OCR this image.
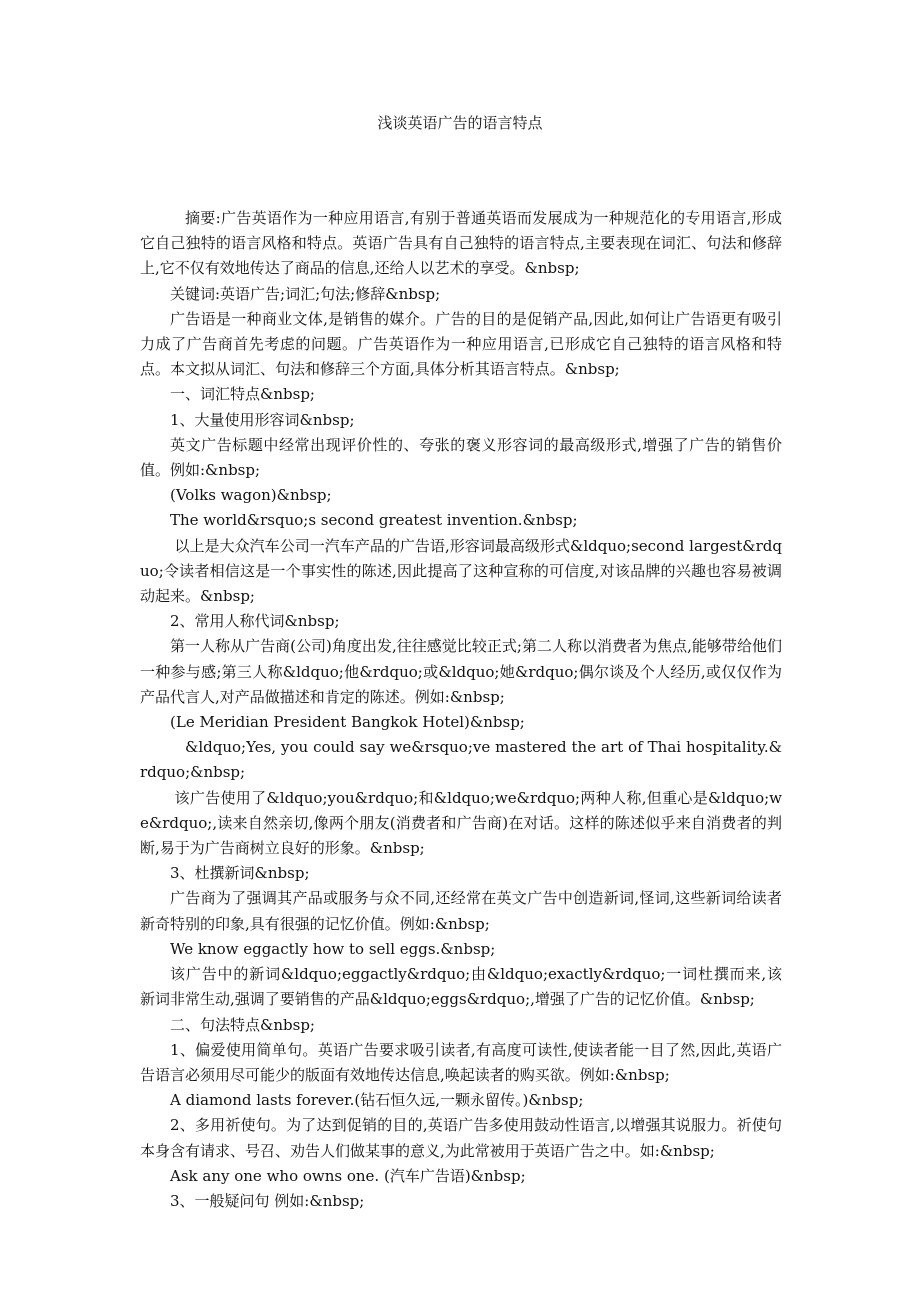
浅谈英语广告的语言特点

摘要:广告英语作为一种应用语言,有别于普通英语而发展成为一种规范化的专用语言,形成它自己独特的语言风格和特点。英语广告具有自己独特的语言特点,主要表现在词汇、句法和修辞上,它不仅有效地传达了商品的信息,还给人以艺术的享受。&nbsp;

关键词:英语广告;词汇;句法;修辞&nbsp;

广告语是一种商业文体,是销售的媒介。广告的目的是促销产品,因此,如何让广告语更有吸引力成了广告商首先考虑的问题。广告英语作为一种应用语言,已形成它自己独特的语言风格和特点。本文拟从词汇、句法和修辞三个方面,具体分析其语言特点。&nbsp;

一、词汇特点&nbsp;

1、大量使用形容词&nbsp;

英文广告标题中经常出现评价性的、夸张的褒义形容词的最高级形式,增强了广告的销售价值。例如:&nbsp;

(Volks wagon)&nbsp;

The world&rsquo;s second greatest invention.&nbsp;

以上是大众汽车公司一汽车产品的广告语,形容词最高级形式&ldquo;second largest&rdquo;令读者相信这是一个事实性的陈述,因此提高了这种宣称的可信度,对该品牌的兴趣也容易被调动起来。&nbsp;

2、常用人称代词&nbsp;

第一人称从广告商(公司)角度出发,往往感觉比较正式;第二人称以消费者为焦点,能够带给他们一种参与感;第三人称&ldquo;他&rdquo;或&ldquo;她&rdquo;偶尔谈及个人经历,或仅仅作为产品代言人,对产品做描述和肯定的陈述。例如:&nbsp;

(Le Meridian President Bangkok Hotel)&nbsp;

&ldquo;Yes, you could say we&rsquo;ve mastered the art of Thai hospitality.&rdquo;&nbsp;

该广告使用了&ldquo;you&rdquo;和&ldquo;we&rdquo;两种人称,但重心是&ldquo;we&rdquo;,读来自然亲切,像两个朋友(消费者和广告商)在对话。这样的陈述似乎来自消费者的判断,易于为广告商树立良好的形象。&nbsp;

3、杜撰新词&nbsp;

广告商为了强调其产品或服务与众不同,还经常在英文广告中创造新词,怪词,这些新词给读者新奇特别的印象,具有很强的记忆价值。例如:&nbsp;

We know eggactly how to sell eggs.&nbsp;

该广告中的新词&ldquo;eggactly&rdquo;由&ldquo;exactly&rdquo;一词杜撰而来,该新词非常生动,强调了要销售的产品&ldquo;eggs&rdquo;,增强了广告的记忆价值。&nbsp;

二、句法特点&nbsp;

1、偏爱使用简单句。英语广告要求吸引读者,有高度可读性,使读者能一目了然,因此,英语广告语言必须用尽可能少的版面有效地传达信息,唤起读者的购买欲。例如:&nbsp;

A diamond lasts forever.(钻石恒久远,一颗永留传。)&nbsp;

2、多用祈使句。为了达到促销的目的,英语广告多使用鼓动性语言,以增强其说服力。祈使句本身含有请求、号召、劝告人们做某事的意义,为此常被用于英语广告之中。如:&nbsp;

Ask any one who owns one. (汽车广告语)&nbsp;

3、一般疑问句 例如:&nbsp;
